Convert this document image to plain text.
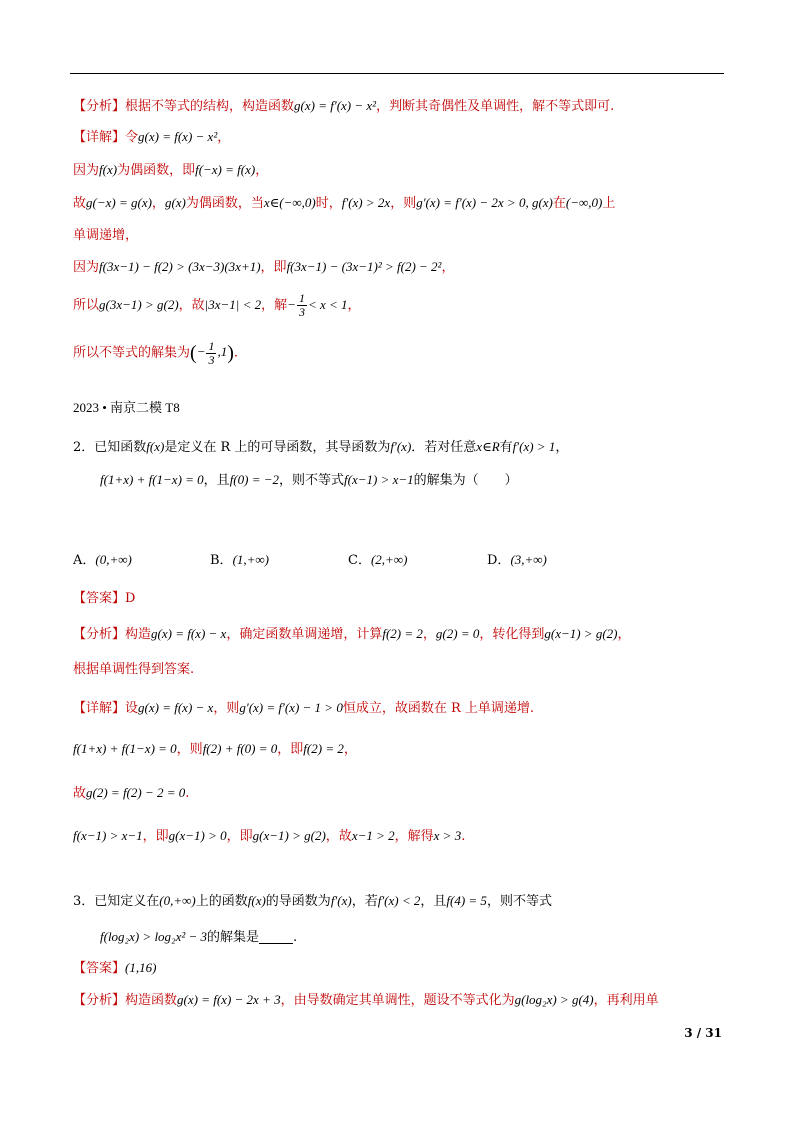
【分析】根据不等式的结构，构造函数g(x) = f′(x) − x²，判断其奇偶性及单调性，解不等式即可.
【详解】令g(x) = f(x) − x²，
因为f(x)为偶函数，即f(−x) = f(x)，
故g(−x) = g(x)，g(x)为偶函数，当x∈(−∞,0)时，f′(x) > 2x，则g′(x) = f′(x) − 2x > 0, g(x)在(−∞,0)上
单调递增，
因为f(3x−1) − f(2) > (3x−3)(3x+1)，即f(3x−1) − (3x−1)² > f(2) − 2²，
所以g(3x−1) > g(2)，故|3x−1| < 2，解− $\frac{1}{3} < x < 1$，
所以不等式的解集为(− $\frac{1}{3} ,1$).
2023 • 南京二模 T8
2．已知函数f(x)是定义在 R 上的可导函数，其导函数为f′(x)．若对任意x∈R有f′(x) > 1，
f(1+x) + f(1−x) = 0，且f(0) = −2，则不等式f(x−1) > x−1的解集为（　　）
A．(0,+∞)	B．(1,+∞)	C．(2,+∞)	D．(3,+∞)
【答案】D
【分析】构造g(x) = f(x) − x，确定函数单调递增，计算f(2) = 2，g(2) = 0，转化得到g(x−1) > g(2)，
根据单调性得到答案.
【详解】设g(x) = f(x) − x，则g′(x) = f′(x) − 1 > 0恒成立，故函数在 R 上单调递增.
f(1+x) + f(1−x) = 0，则f(2) + f(0) = 0，即f(2) = 2，
故g(2) = f(2) − 2 = 0.
f(x−1) > x−1，即g(x−1) > 0，即g(x−1) > g(2)，故x−1 > 2，解得x > 3.
3．已知定义在(0,+∞)上的函数f(x)的导函数为f′(x)，若f′(x) < 2，且f(4) = 5，则不等式
f(log₂x) > log₂x² − 3的解集是	.
【答案】(1,16)
【分析】构造函数g(x) = f(x) − 2x + 3，由导数确定其单调性，题设不等式化为g(log₂x) > g(4)，再利用单
3 / 31
